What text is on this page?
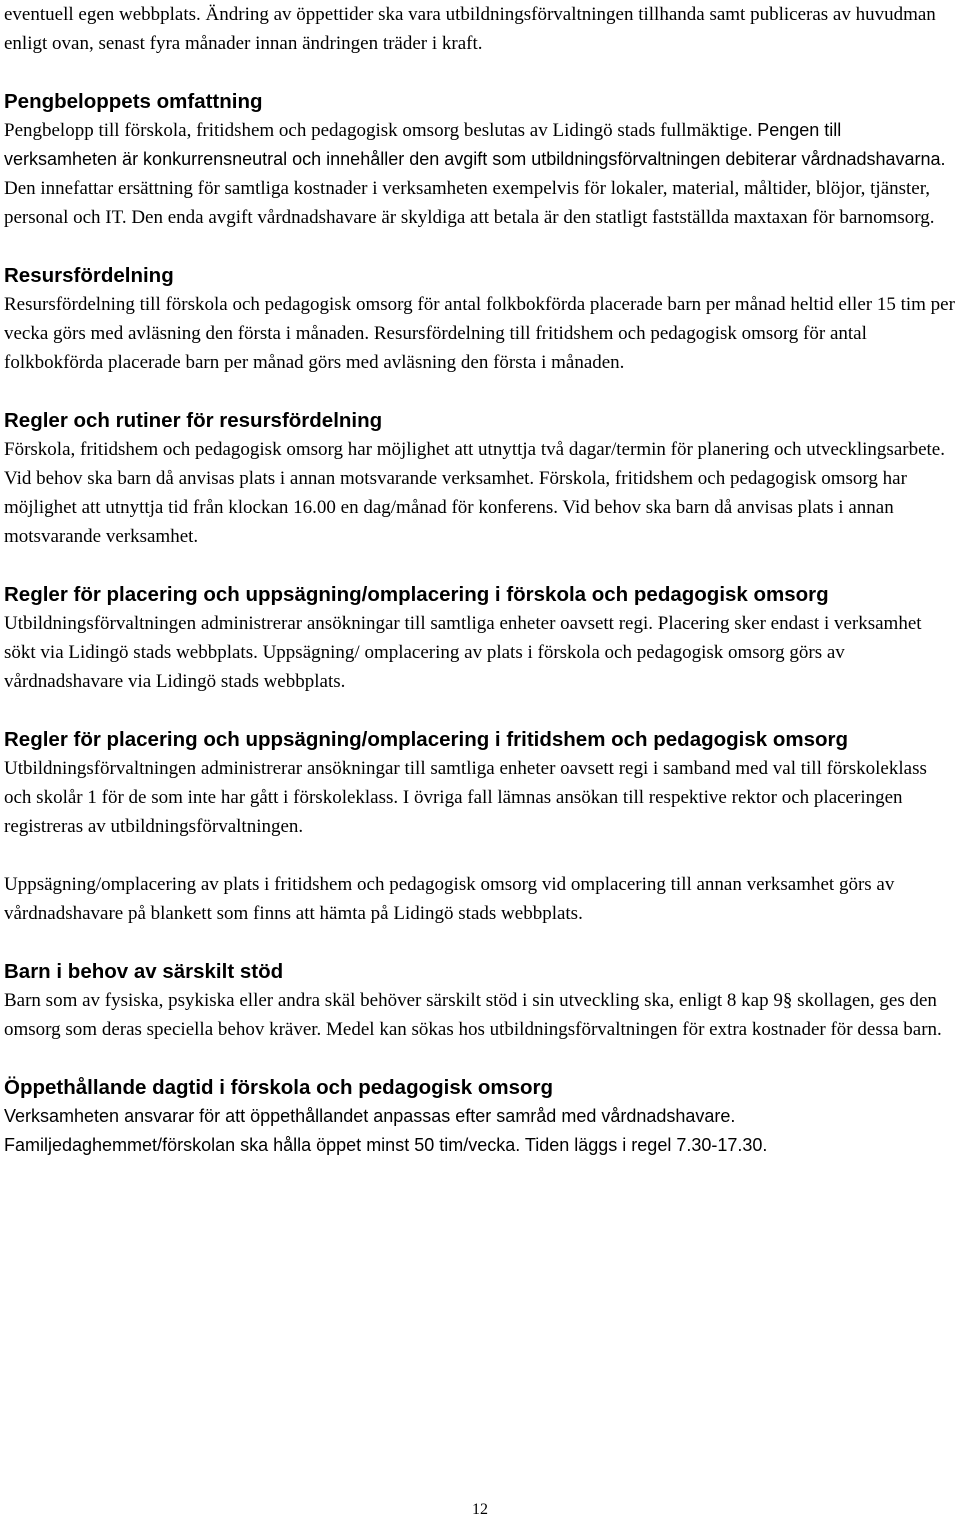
eventuell egen webbplats. Ändring av öppettider ska vara utbildningsförvaltningen tillhanda samt publiceras av huvudman enligt ovan, senast fyra månader innan ändringen träder i kraft.

Pengbeloppets omfattning

Pengbelopp till förskola, fritidshem och pedagogisk omsorg beslutas av Lidingö stads fullmäktige. Pengen till verksamheten är konkurrensneutral och innehåller den avgift som utbildningsförvaltningen debiterar vårdnadshavarna. Den innefattar ersättning för samtliga kostnader i verksamheten exempelvis för lokaler, material, måltider, blöjor, tjänster, personal och IT. Den enda avgift vårdnadshavare är skyldiga att betala är den statligt fastställda maxtaxan för barnomsorg.

Resursfördelning

Resursfördelning till förskola och pedagogisk omsorg för antal folkbokförda placerade barn per månad heltid eller 15 tim per vecka görs med avläsning den första i månaden. Resursfördelning till fritidshem och pedagogisk omsorg för antal folkbokförda placerade barn per månad görs med avläsning den första i månaden.

Regler och rutiner för resursfördelning

Förskola, fritidshem och pedagogisk omsorg har möjlighet att utnyttja två dagar/termin för planering och utvecklingsarbete. Vid behov ska barn då anvisas plats i annan motsvarande verksamhet. Förskola, fritidshem och pedagogisk omsorg har möjlighet att utnyttja tid från klockan 16.00 en dag/månad för konferens. Vid behov ska barn då anvisas plats i annan motsvarande verksamhet.

Regler för placering och uppsägning/omplacering i förskola och pedagogisk omsorg

Utbildningsförvaltningen administrerar ansökningar till samtliga enheter oavsett regi. Placering sker endast i verksamhet sökt via Lidingö stads webbplats. Uppsägning/ omplacering av plats i förskola och pedagogisk omsorg görs av vårdnadshavare via Lidingö stads webbplats.

Regler för placering och uppsägning/omplacering i fritidshem och pedagogisk omsorg

Utbildningsförvaltningen administrerar ansökningar till samtliga enheter oavsett regi i samband med val till förskoleklass och skolår 1 för de som inte har gått i förskoleklass. I övriga fall lämnas ansökan till respektive rektor och placeringen registreras av utbildningsförvaltningen.

Uppsägning/omplacering av plats i fritidshem och pedagogisk omsorg vid omplacering till annan verksamhet görs av vårdnadshavare på blankett som finns att hämta på Lidingö stads webbplats.

Barn i behov av särskilt stöd

Barn som av fysiska, psykiska eller andra skäl behöver särskilt stöd i sin utveckling ska, enligt 8 kap 9§ skollagen, ges den omsorg som deras speciella behov kräver. Medel kan sökas hos utbildningsförvaltningen för extra kostnader för dessa barn.

Öppethållande dagtid i förskola och pedagogisk omsorg

Verksamheten ansvarar för att öppethållandet anpassas efter samråd med vårdnadshavare. Familjedaghemmet/förskolan ska hålla öppet minst 50 tim/vecka. Tiden läggs i regel 7.30-17.30.

12
